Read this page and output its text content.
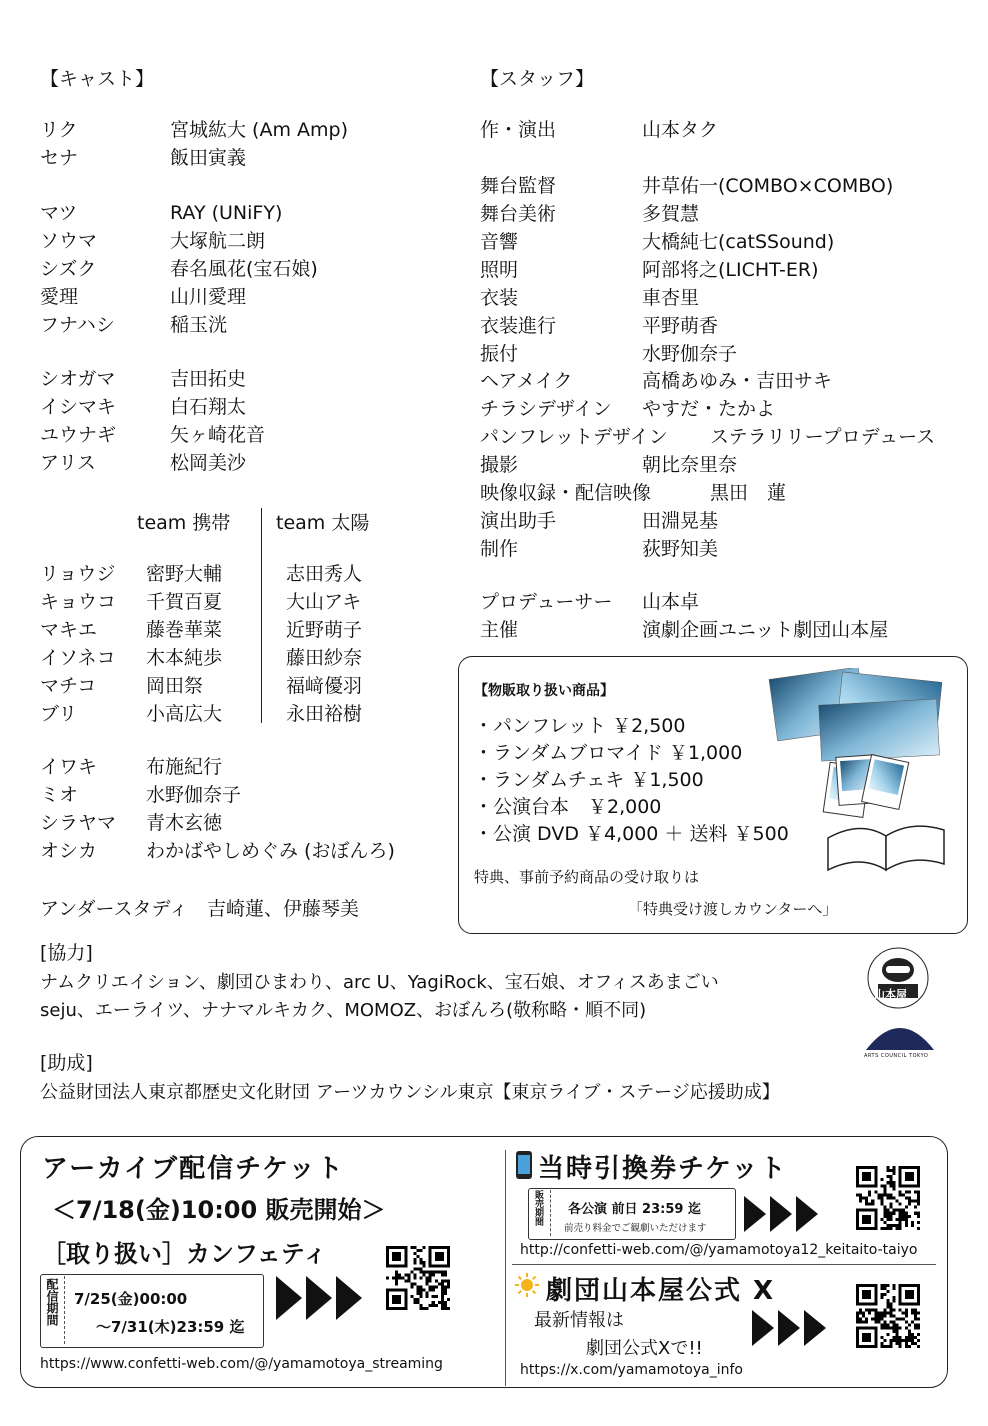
【キャスト】
リク	宮城紘大 (Am Amp)
セナ	飯田寅義
マツ	RAY (UNiFY)
ソウマ	大塚航二朗
シズク	春名風花(宝石娘)
愛理	山川愛理
フナハシ	稲玉洸
シオガマ	吉田拓史
イシマキ	白石翔太
ユウナギ	矢ヶ崎花音
アリス	松岡美沙
team 携帯 team 太陽
リョウジ 密野大輔	志田秀人
キョウコ 千賀百夏	大山アキ
マキエ	藤巻華菜	近野萌子
イソネコ 木本純歩	藤田紗奈
マチコ	岡田祭	福﨑優羽
ブリ	小高広大	永田裕樹
イワキ	布施紀行
ミオ	水野伽奈子
シラヤマ 青木玄徳
オシカ	わかばやしめぐみ (おぼんろ)
アンダースタディ　吉崎蓮、伊藤琴美
【スタッフ】
作・演出	山本タク
舞台監督	井草佑一(COMBO×COMBO)
舞台美術	多賀慧
音響	大橋純七(catSSound)
照明	阿部将之(LICHT-ER)
衣装	車杏里
衣装進行	平野萌香
振付	水野伽奈子
ヘアメイク	高橋あゆみ・吉田サキ
チラシデザイン やすだ・たかよ
パンフレットデザイン ステラリリープロデュース
撮影	朝比奈里奈
映像収録・配信映像	黒田　蓮
演出助手	田淵晃基
制作	荻野知美
プロデューサー 山本卓
主催	演劇企画ユニット劇団山本屋
【物販取り扱い商品】
・パンフレット ￥2,500
・ランダムブロマイド ￥1,000
・ランダムチェキ ￥1,500
・公演台本　￥2,000
・公演 DVD ￥4,000 ＋ 送料 ￥500
特典、事前予約商品の受け取りは
「特典受け渡しカウンターへ」
山本屋
ARTS COUNCIL TOKYO
[協力]
ナムクリエイション、劇団ひまわり、arc U、YagiRock、宝石娘、オフィスあまごい
seju、エーライツ、ナナマルキカク、MOMOZ、おぼんろ(敬称略・順不同)
[助成]
公益財団法人東京都歴史文化財団 アーツカウンシル東京【東京ライブ・ステージ応援助成】
アーカイブ配信チケット
＜7/18(金)10:00 販売開始＞
［取り扱い］カンフェティ
配信期間 7/25(金)00:00
〜7/31(木)23:59 迄
https://www.confetti-web.com/@/yamamotoya_streaming
当時引換券チケット
販売期間 各公演 前日 23:59 迄
前売り料金でご観劇いただけます
http://confetti-web.com/@/yamamotoya12_keitaito-taiyo
劇団山本屋公式 X
最新情報は
劇団公式Xで!!
https://x.com/yamamotoya_info
